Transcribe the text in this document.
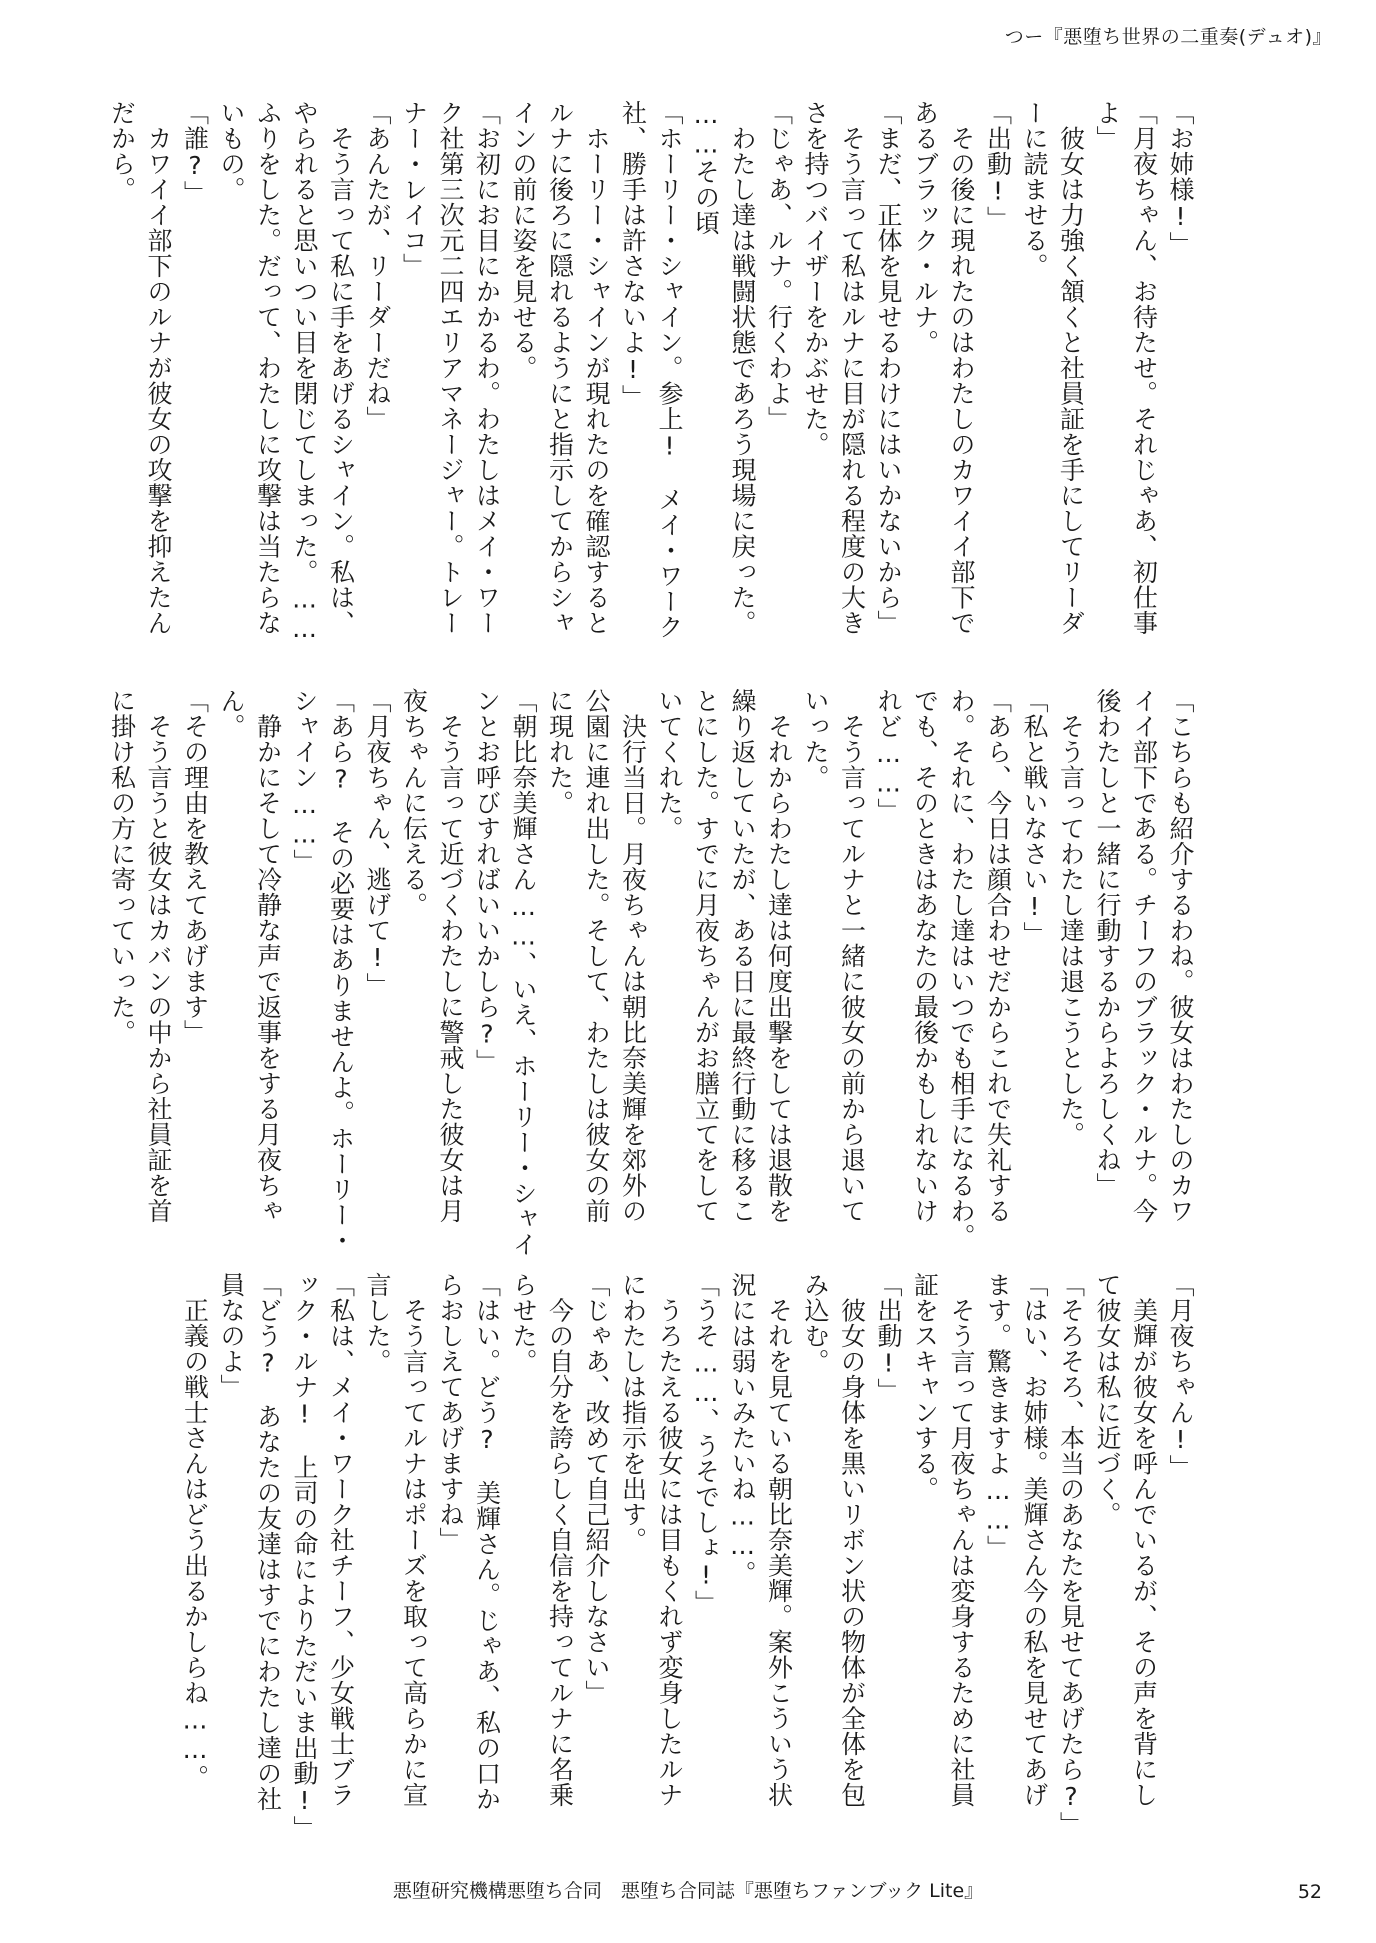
つー『悪堕ち世界の二重奏(デュオ)』

「お姉様!」

「月夜ちゃん、お待たせ。それじゃあ、初仕事

よ」

　彼女は力強く頷くと社員証を手にしてリーダ

ーに読ませる。

「出動!」

　その後に現れたのはわたしのカワイイ部下で

あるブラック・ルナ。

「まだ、正体を見せるわけにはいかないから」

　そう言って私はルナに目が隠れる程度の大き

さを持つバイザーをかぶせた。

「じゃあ、ルナ。行くわよ」

　わたし達は戦闘状態であろう現場に戻った。

……その頃

「ホーリー・シャイン。参上!　メイ・ワーク

社、勝手は許さないよ!」

　ホーリー・シャインが現れたのを確認すると

ルナに後ろに隠れるようにと指示してからシャ

インの前に姿を見せる。

「お初にお目にかかるわ。わたしはメイ・ワー

ク社第三次元二四エリアマネージャー。トレー

ナー・レイコ」

「あんたが、リーダーだね」

　そう言って私に手をあげるシャイン。私は、

やられると思いつい目を閉じてしまった。……

ふりをした。だって、わたしに攻撃は当たらな

いもの。

「誰?」

　カワイイ部下のルナが彼女の攻撃を抑えたん

だから。

「こちらも紹介するわね。彼女はわたしのカワ

イイ部下である。チーフのブラック・ルナ。今

後わたしと一緒に行動するからよろしくね」

　そう言ってわたし達は退こうとした。

「私と戦いなさい!」

「あら、今日は顔合わせだからこれで失礼する

わ。それに、わたし達はいつでも相手になるわ。

でも、そのときはあなたの最後かもしれないけ

れど……」

　そう言ってルナと一緒に彼女の前から退いて

いった。

　それからわたし達は何度出撃をしては退散を

繰り返していたが、ある日に最終行動に移るこ

とにした。すでに月夜ちゃんがお膳立てをして

いてくれた。

　決行当日。月夜ちゃんは朝比奈美輝を郊外の

公園に連れ出した。そして、わたしは彼女の前

に現れた。

「朝比奈美輝さん……、いえ、ホーリー・シャイ

ンとお呼びすればいいかしら?」

　そう言って近づくわたしに警戒した彼女は月

夜ちゃんに伝える。

「月夜ちゃん、逃げて!」

「あら?　その必要はありませんよ。ホーリー・

シャイン……」

　静かにそして冷静な声で返事をする月夜ちゃ

ん。

「その理由を教えてあげます」

　そう言うと彼女はカバンの中から社員証を首

に掛け私の方に寄っていった。

「月夜ちゃん!」

　美輝が彼女を呼んでいるが、その声を背にし

て彼女は私に近づく。

「そろそろ、本当のあなたを見せてあげたら?」

「はい、お姉様。美輝さん今の私を見せてあげ

ます。驚きますよ……」

　そう言って月夜ちゃんは変身するために社員

証をスキャンする。

「出動!」

　彼女の身体を黒いリボン状の物体が全体を包

み込む。

　それを見ている朝比奈美輝。案外こういう状

況には弱いみたいね……。

「うそ……、うそでしょ!」

　うろたえる彼女には目もくれず変身したルナ

にわたしは指示を出す。

「じゃあ、改めて自己紹介しなさい」

　今の自分を誇らしく自信を持ってルナに名乗

らせた。

「はい。どう?　美輝さん。じゃあ、私の口か

らおしえてあげますね」

　そう言ってルナはポーズを取って高らかに宣

言した。

「私は、メイ・ワーク社チーフ、少女戦士ブラ

ック・ルナ!　上司の命によりただいま出動!」

「どう?　あなたの友達はすでにわたし達の社

員なのよ」

　正義の戦士さんはどう出るかしらね……。

悪堕研究機構悪堕ち合同　悪堕ち合同誌『悪堕ちファンブック Lite』	52
